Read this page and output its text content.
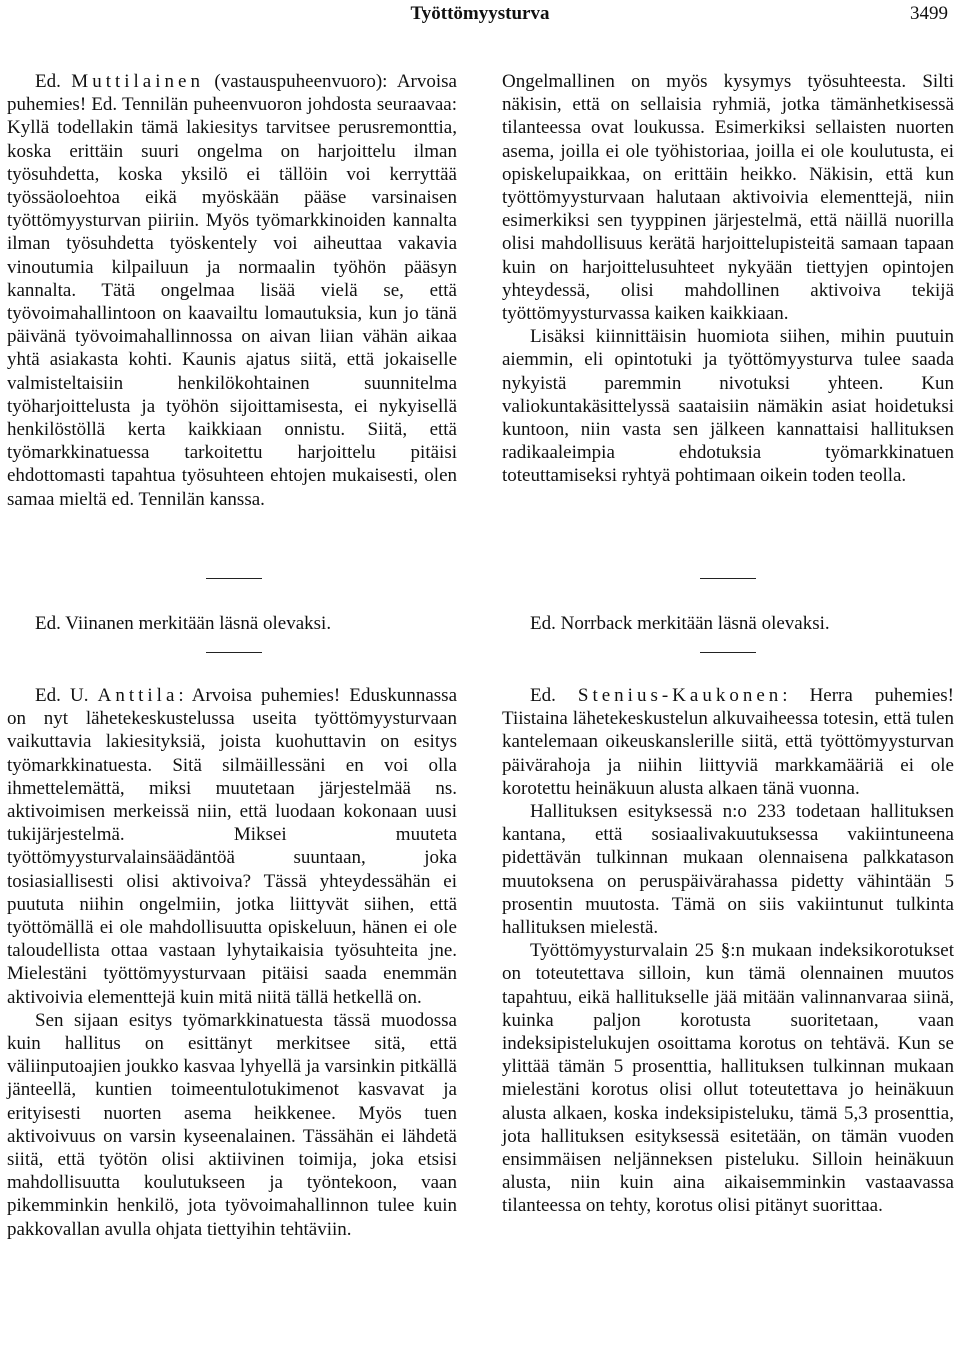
Työttömyysturva	3499

Ed. Muttilainen (vastauspuheenvuoro): Arvoisa puhemies! Ed. Tennilän puheenvuoron johdosta seuraavaa: Kyllä todellakin tämä lakiesitys tarvitsee perusremonttia, koska erittäin suuri ongelma on harjoittelu ilman työsuhdetta, koska yksilö ei tällöin voi kerryttää työssäoloehtoa eikä myöskään pääse varsinaisen työttömyysturvan piiriin. Myös työmarkkinoiden kannalta ilman työsuhdetta työskentely voi aiheuttaa vakavia vinoutumia kilpailuun ja normaalin työhön pääsyn kannalta. Tätä ongelmaa lisää vielä se, että työvoimahallintoon on kaavailtu lomautuksia, kun jo tänä päivänä työvoimahallinnossa on aivan liian vähän aikaa yhtä asiakasta kohti. Kaunis ajatus siitä, että jokaiselle valmisteltaisiin henkilökohtainen suunnitelma työharjoittelusta ja työhön sijoittamisesta, ei nykyisellä henkilöstöllä kerta kaikkiaan onnistu. Siitä, että työmarkkinatuessa tarkoitettu harjoittelu pitäisi ehdottomasti tapahtua työsuhteen ehtojen mukaisesti, olen samaa mieltä ed. Tennilän kanssa.

Ongelmallinen on myös kysymys työsuhteesta. Silti näkisin, että on sellaisia ryhmiä, jotka tämänhetkisessä tilanteessa ovat loukussa. Esimerkiksi sellaisten nuorten asema, joilla ei ole työhistoriaa, joilla ei ole koulutusta, ei opiskelupaikkaa, on erittäin heikko. Näkisin, että kun työttömyysturvaan halutaan aktivoivia elementtejä, niin esimerkiksi sen tyyppinen järjestelmä, että näillä nuorilla olisi mahdollisuus kerätä harjoittelupisteitä samaan tapaan kuin on harjoittelusuhteet nykyään tiettyjen opintojen yhteydessä, olisi mahdollinen aktivoiva tekijä työttömyysturvassa kaiken kaikkiaan.

Lisäksi kiinnittäisin huomiota siihen, mihin puutuin aiemmin, eli opintotuki ja työttömyysturva tulee saada nykyistä paremmin nivotuksi yhteen. Kun valiokuntakäsittelyssä saataisiin nämäkin asiat hoidetuksi kuntoon, niin vasta sen jälkeen kannattaisi hallituksen radikaaleimpia ehdotuksia työmarkkinatuen toteuttamiseksi ryhtyä pohtimaan oikein toden teolla.

Ed. Viinanen merkitään läsnä olevaksi.	Ed. Norrback merkitään läsnä olevaksi.

Ed. U. Anttila: Arvoisa puhemies! Eduskunnassa on nyt lähetekeskustelussa useita työttömyysturvaan vaikuttavia lakiesityksiä, joista kuohuttavin on esitys työmarkkinatuesta. Sitä silmäillessäni en voi olla ihmettelemättä, miksi muutetaan järjestelmää ns. aktivoimisen merkeissä niin, että luodaan kokonaan uusi tukijärjestelmä. Miksei muuteta työttömyysturvalainsäädäntöä suuntaan, joka tosiasiallisesti olisi aktivoiva? Tässä yhteydessähän ei puututa niihin ongelmiin, jotka liittyvät siihen, että työttömällä ei ole mahdollisuutta opiskeluun, hänen ei ole taloudellista ottaa vastaan lyhytaikaisia työsuhteita jne. Mielestäni työttömyysturvaan pitäisi saada enemmän aktivoivia elementtejä kuin mitä niitä tällä hetkellä on.

Sen sijaan esitys työmarkkinatuesta tässä muodossa kuin hallitus on esittänyt merkitsee sitä, että väliinputoajien joukko kasvaa lyhyellä ja varsinkin pitkällä jänteellä, kuntien toimeentulotukimenot kasvavat ja erityisesti nuorten asema heikkenee. Myös tuen aktivoivuus on varsin kyseenalainen. Tässähän ei lähdetä siitä, että työtön olisi aktiivinen toimija, joka etsisi mahdollisuutta koulutukseen ja työntekoon, vaan pikemminkin henkilö, jota työvoimahallinnon tulee kuin pakkovallan avulla ohjata tiettyihin tehtäviin.

Ed. Stenius-Kaukonen: Herra puhemies! Tiistaina lähetekeskustelun alkuvaiheessa totesin, että tulen kantelemaan oikeuskanslerille siitä, että työttömyysturvan päivärahoja ja niihin liittyviä markkamääriä ei ole korotettu heinäkuun alusta alkaen tänä vuonna.

Hallituksen esityksessä n:o 233 todetaan hallituksen kantana, että sosiaalivakuutuksessa vakiintuneena pidettävän tulkinnan mukaan olennaisena palkkatason muutoksena on peruspäivärahassa pidetty vähintään 5 prosentin muutosta. Tämä on siis vakiintunut tulkinta hallituksen mielestä.

Työttömyysturvalain 25 §:n mukaan indeksikorotukset on toteutettava silloin, kun tämä olennainen muutos tapahtuu, eikä hallitukselle jää mitään valinnanvaraa siinä, kuinka paljon korotusta suoritetaan, vaan indeksipistelukujen osoittama korotus on tehtävä. Kun se ylittää tämän 5 prosenttia, hallituksen tulkinnan mukaan mielestäni korotus olisi ollut toteutettava jo heinäkuun alusta alkaen, koska indeksipisteluku, tämä 5,3 prosenttia, jota hallituksen esityksessä esitetään, on tämän vuoden ensimmäisen neljänneksen pisteluku. Silloin heinäkuun alusta, niin kuin aina aikaisemminkin vastaavassa tilanteessa on tehty, korotus olisi pitänyt suorittaa.
